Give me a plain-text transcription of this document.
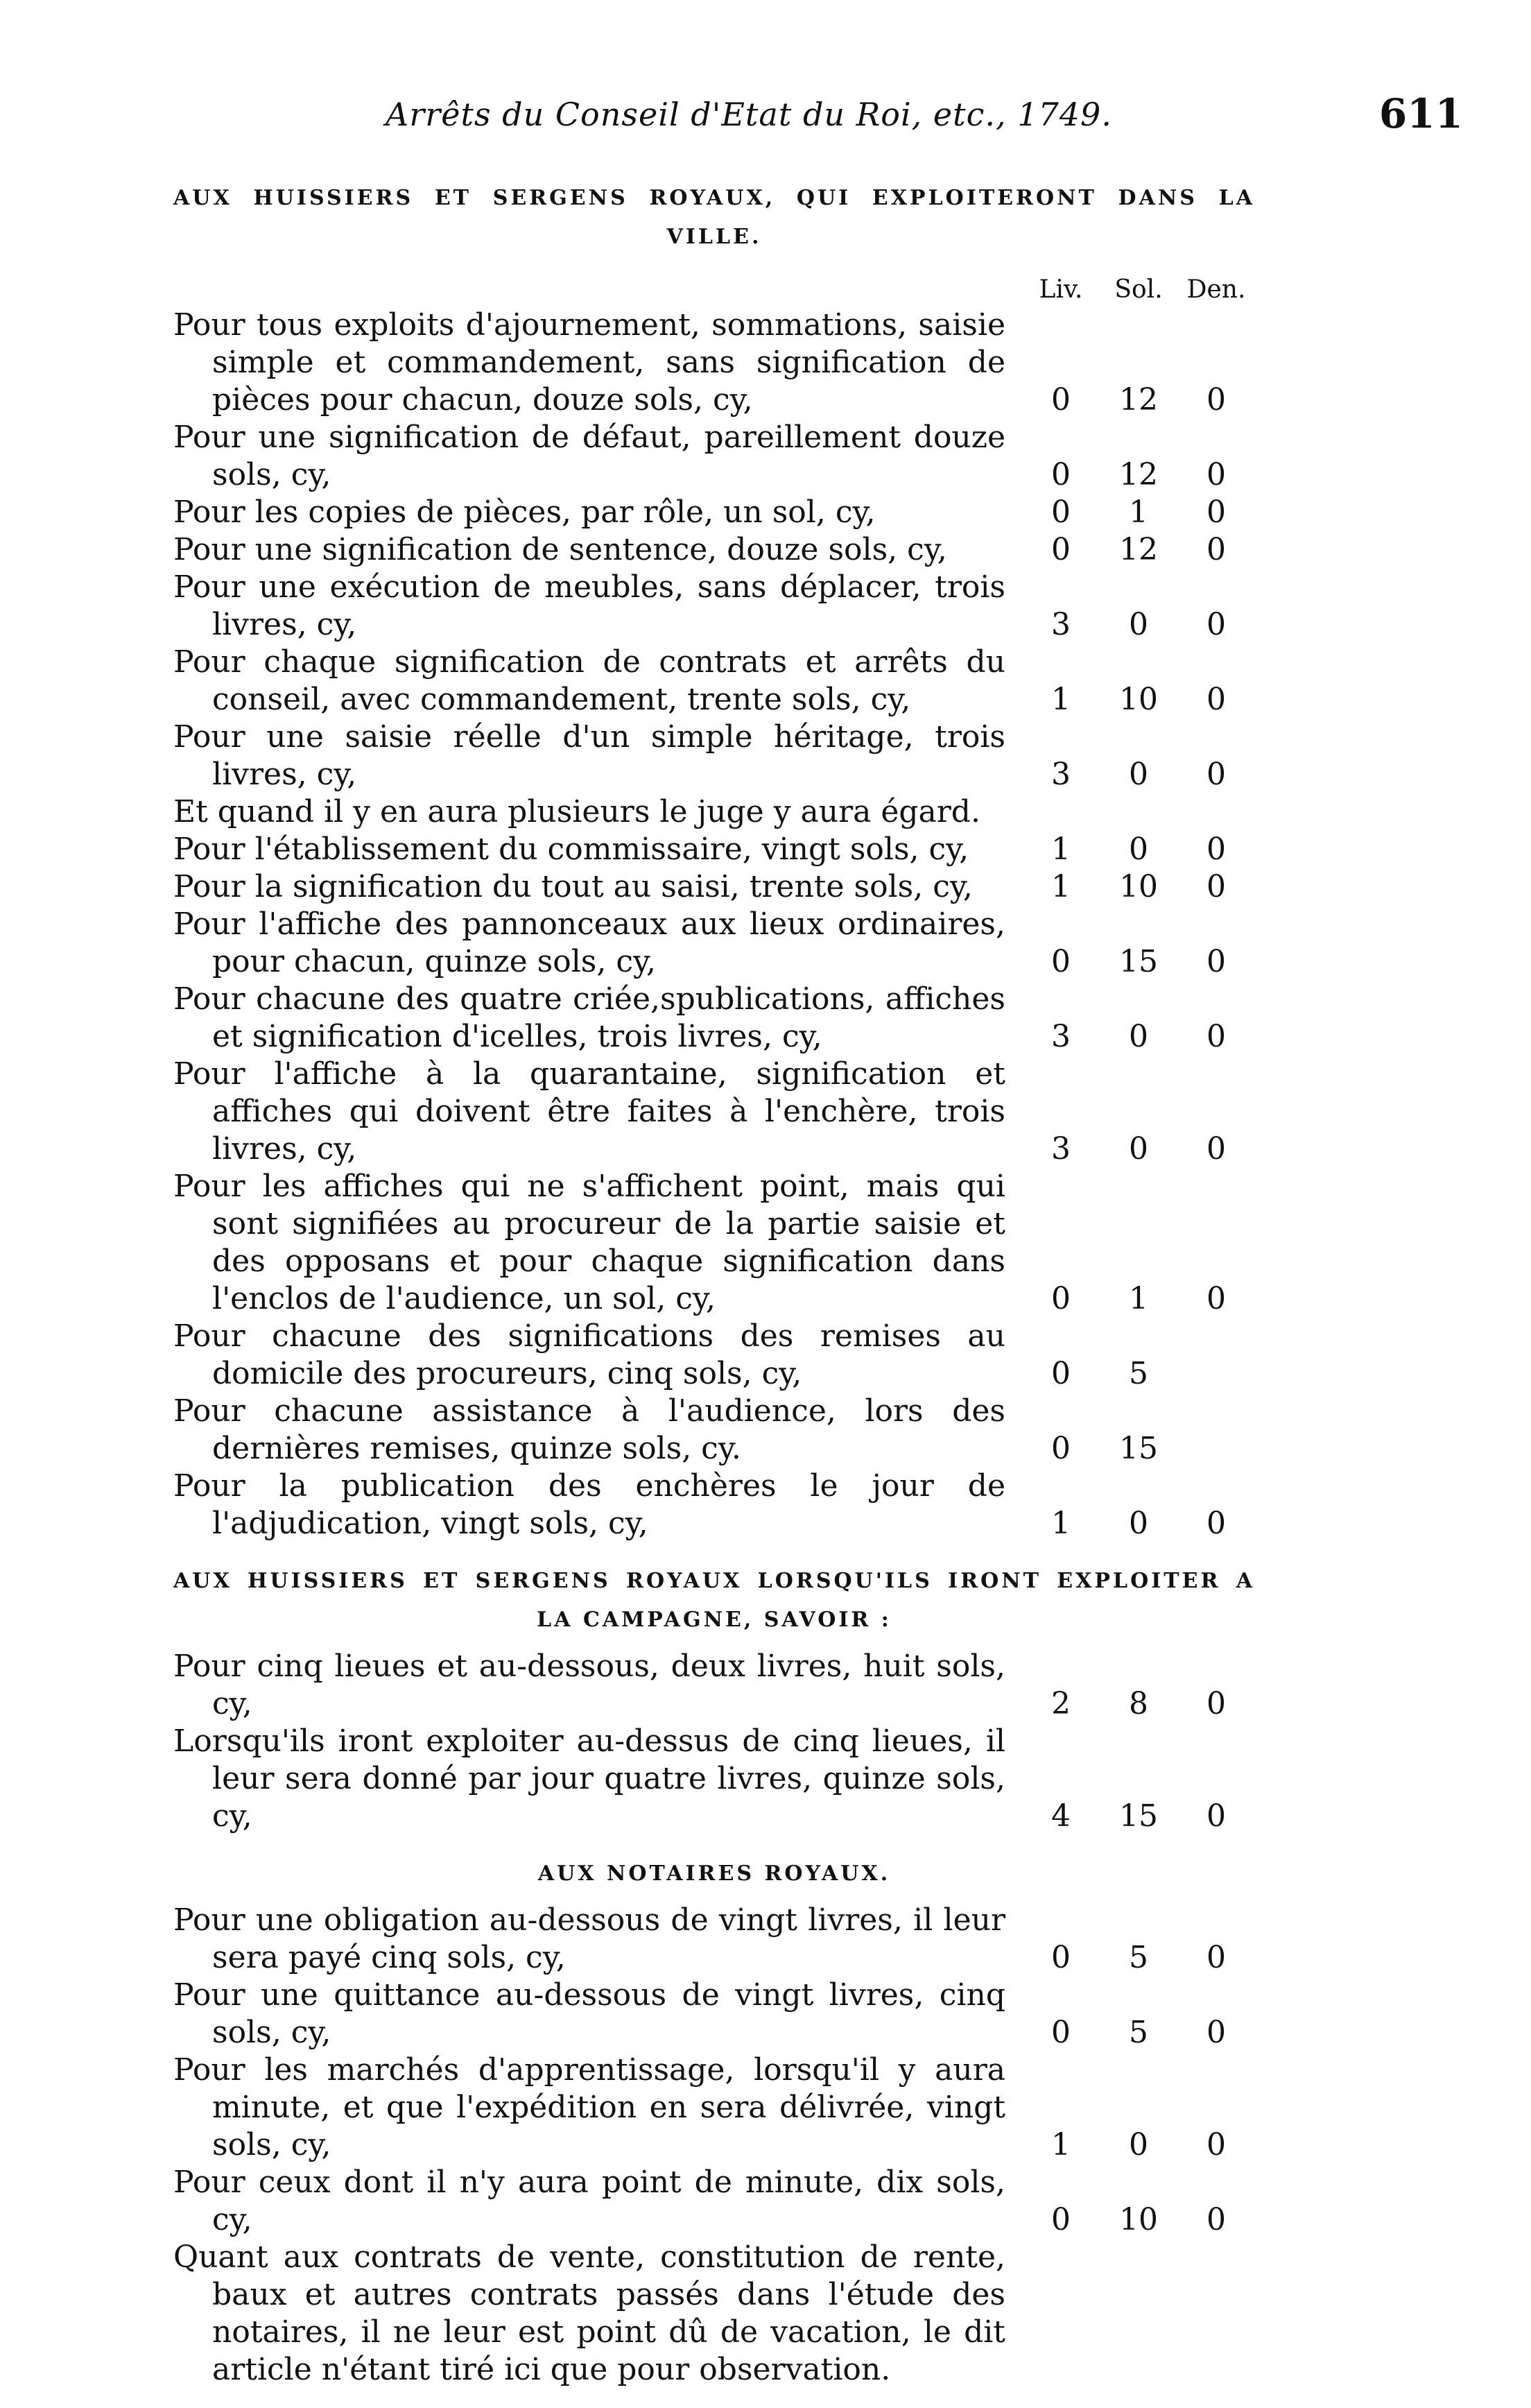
Arrêts du Conseil d'Etat du Roi, etc., 1749.	611
AUX HUISSIERS ET SERGENS ROYAUX, QUI EXPLOITERONT DANS LA VILLE.
Liv.	Sol. Den.
Pour tous exploits d'ajournement, sommations, saisie simple et commandement, sans signification de pièces pour chacun, douze sols, cy,	0	12	0
Pour une signification de défaut, pareillement douze sols, cy,	0	12	0
Pour les copies de pièces, par rôle, un sol, cy,	0	1	0
Pour une signification de sentence, douze sols, cy,	0	12	0
Pour une exécution de meubles, sans déplacer, trois livres, cy,	3	0	0
Pour chaque signification de contrats et arrêts du conseil, avec commandement, trente sols, cy,	1	10	0
Pour une saisie réelle d'un simple héritage, trois livres, cy,	3	0	0
Et quand il y en aura plusieurs le juge y aura égard.
Pour l'établissement du commissaire, vingt sols, cy,	1	0	0
Pour la signification du tout au saisi, trente sols, cy,	1	10	0
Pour l'affiche des pannonceaux aux lieux ordinaires, pour chacun, quinze sols, cy,	0	15	0
Pour chacune des quatre criée,spublications, affiches et signification d'icelles, trois livres, cy,	3	0	0
Pour l'affiche à la quarantaine, signification et affiches qui doivent être faites à l'enchère, trois livres, cy,	3	0	0
Pour les affiches qui ne s'affichent point, mais qui sont signifiées au procureur de la partie saisie et des opposans et pour chaque signification dans l'enclos de l'audience, un sol, cy,	0	1	0
Pour chacune des significations des remises au domicile des procureurs, cinq sols, cy,	0	5
Pour chacune assistance à l'audience, lors des dernières remises, quinze sols, cy.	0	15
Pour la publication des enchères le jour de l'adjudication, vingt sols, cy,	1	0	0
AUX HUISSIERS ET SERGENS ROYAUX LORSQU'ILS IRONT EXPLOITER A LA CAMPAGNE, SAVOIR :
Pour cinq lieues et au-dessous, deux livres, huit sols, cy,	2	8	0
Lorsqu'ils iront exploiter au-dessus de cinq lieues, il leur sera donné par jour quatre livres, quinze sols, cy,	4	15	0
AUX NOTAIRES ROYAUX.
Pour une obligation au-dessous de vingt livres, il leur sera payé cinq sols, cy,	0	5	0
Pour une quittance au-dessous de vingt livres, cinq sols, cy,	0	5	0
Pour les marchés d'apprentissage, lorsqu'il y aura minute, et que l'expédition en sera délivrée, vingt sols, cy,	1	0	0
Pour ceux dont il n'y aura point de minute, dix sols, cy,	0	10	0
Quant aux contrats de vente, constitution de rente, baux et autres contrats passés dans l'étude des notaires, il ne leur est point dû de vacation, le dit article n'étant tiré ici que pour observation.
